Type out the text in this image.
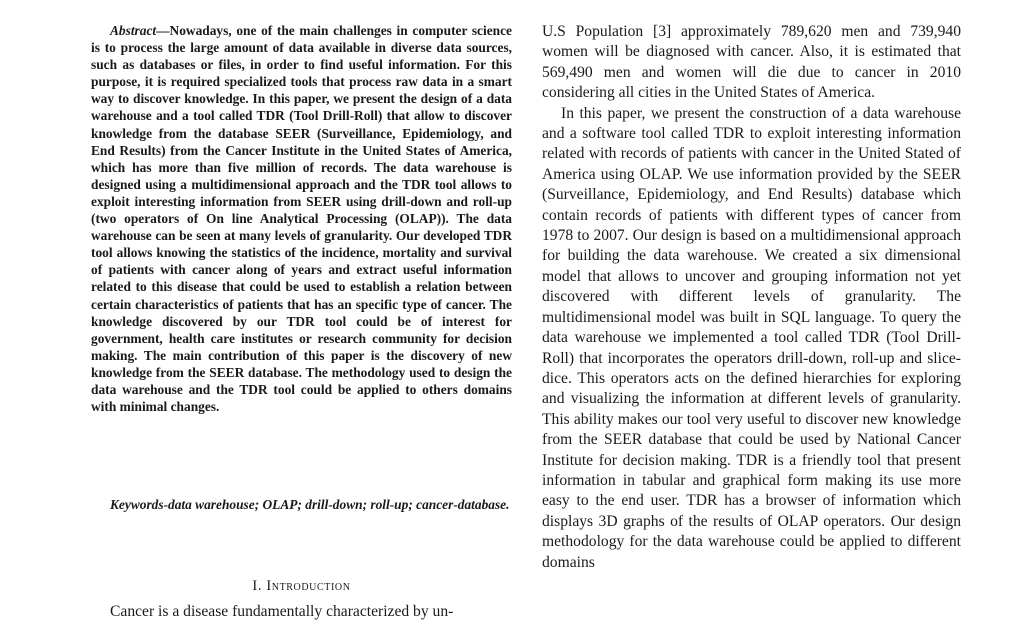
Abstract—Nowadays, one of the main challenges in computer science is to process the large amount of data available in diverse data sources, such as databases or files, in order to find useful information. For this purpose, it is required specialized tools that process raw data in a smart way to discover knowledge. In this paper, we present the design of a data warehouse and a tool called TDR (Tool Drill-Roll) that allow to discover knowledge from the database SEER (Surveillance, Epidemiology, and End Results) from the Cancer Institute in the United States of America, which has more than five million of records. The data warehouse is designed using a multidimensional approach and the TDR tool allows to exploit interesting information from SEER using drill-down and roll-up (two operators of On line Analytical Processing (OLAP)). The data warehouse can be seen at many levels of granularity. Our developed TDR tool allows knowing the statistics of the incidence, mortality and survival of patients with cancer along of years and extract useful information related to this disease that could be used to establish a relation between certain characteristics of patients that has an specific type of cancer. The knowledge discovered by our TDR tool could be of interest for government, health care institutes or research community for decision making. The main contribution of this paper is the discovery of new knowledge from the SEER database. The methodology used to design the data warehouse and the TDR tool could be applied to others domains with minimal changes.

Keywords-data warehouse; OLAP; drill-down; roll-up; cancer-database.

I. Introduction

Cancer is a disease fundamentally characterized by un-

U.S Population [3] approximately 789,620 men and 739,940 women will be diagnosed with cancer. Also, it is estimated that 569,490 men and women will die due to cancer in 2010 considering all cities in the United States of America.

In this paper, we present the construction of a data warehouse and a software tool called TDR to exploit interesting information related with records of patients with cancer in the United Stated of America using OLAP. We use information provided by the SEER (Surveillance, Epidemiology, and End Results) database which contain records of patients with different types of cancer from 1978 to 2007. Our design is based on a multidimensional approach for building the data warehouse. We created a six dimensional model that allows to uncover and grouping information not yet discovered with different levels of granularity. The multidimensional model was built in SQL language. To query the data warehouse we implemented a tool called TDR (Tool Drill-Roll) that incorporates the operators drill-down, roll-up and slice-dice. This operators acts on the defined hierarchies for exploring and visualizing the information at different levels of granularity. This ability makes our tool very useful to discover new knowledge from the SEER database that could be used by National Cancer Institute for decision making. TDR is a friendly tool that present information in tabular and graphical form making its use more easy to the end user. TDR has a browser of information which displays 3D graphs of the results of OLAP operators. Our design methodology for the data warehouse could be applied to different domains
